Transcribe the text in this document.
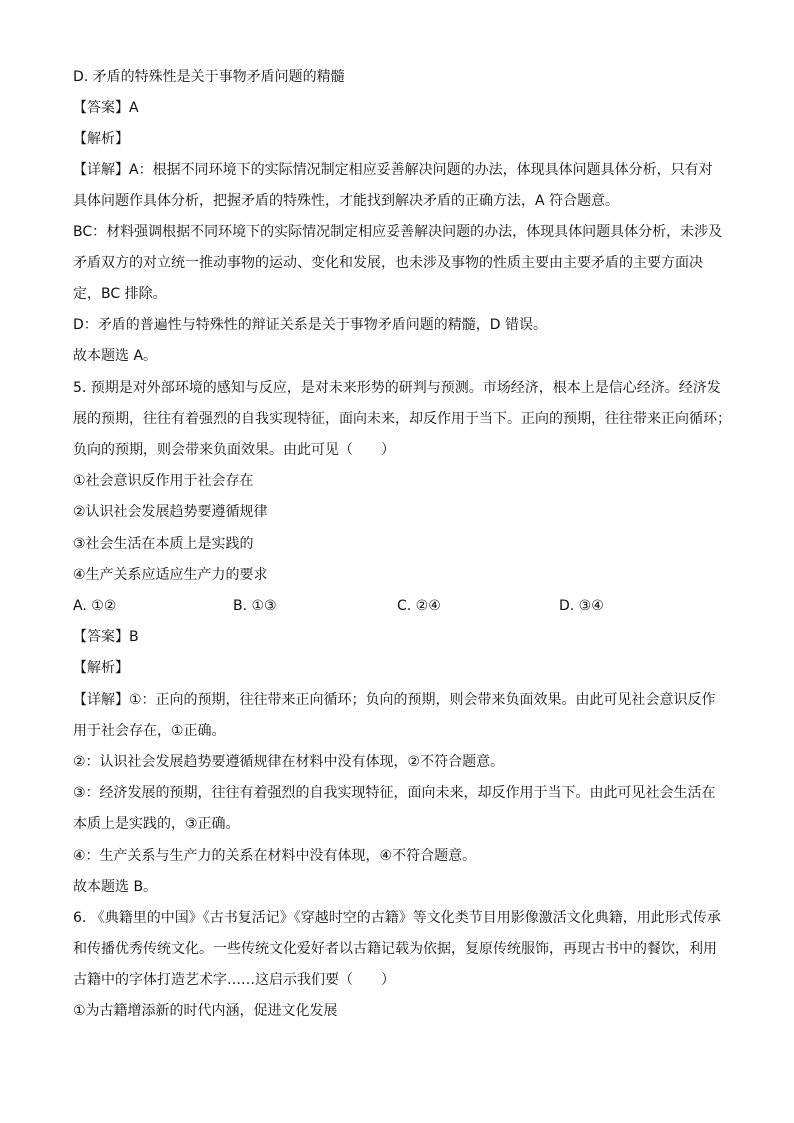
D. 矛盾的特殊性是关于事物矛盾问题的精髓
【答案】A
【解析】
【详解】A：根据不同环境下的实际情况制定相应妥善解决问题的办法，体现具体问题具体分析，只有对
具体问题作具体分析，把握矛盾的特殊性，才能找到解决矛盾的正确方法，A 符合题意。
BC：材料强调根据不同环境下的实际情况制定相应妥善解决问题的办法，体现具体问题具体分析，未涉及
矛盾双方的对立统一推动事物的运动、变化和发展，也未涉及事物的性质主要由主要矛盾的主要方面决
定，BC 排除。
D：矛盾的普遍性与特殊性的辩证关系是关于事物矛盾问题的精髓，D 错误。
故本题选 A。
5. 预期是对外部环境的感知与反应，是对未来形势的研判与预测。市场经济，根本上是信心经济。经济发
展的预期，往往有着强烈的自我实现特征，面向未来，却反作用于当下。正向的预期，往往带来正向循环；
负向的预期，则会带来负面效果。由此可见（　　）
①社会意识反作用于社会存在
②认识社会发展趋势要遵循规律
③社会生活在本质上是实践的
④生产关系应适应生产力的要求
A. ①②	B. ①③	C. ②④	D. ③④
【答案】B
【解析】
【详解】①：正向的预期，往往带来正向循环；负向的预期，则会带来负面效果。由此可见社会意识反作
用于社会存在，①正确。
②：认识社会发展趋势要遵循规律在材料中没有体现，②不符合题意。
③：经济发展的预期，往往有着强烈的自我实现特征，面向未来，却反作用于当下。由此可见社会生活在
本质上是实践的，③正确。
④：生产关系与生产力的关系在材料中没有体现，④不符合题意。
故本题选 B。
6. 《典籍里的中国》《古书复活记》《穿越时空的古籍》等文化类节目用影像激活文化典籍，用此形式传承
和传播优秀传统文化。一些传统文化爱好者以古籍记载为依据，复原传统服饰，再现古书中的餐饮，利用
古籍中的字体打造艺术字……这启示我们要（　　）
①为古籍增添新的时代内涵，促进文化发展
